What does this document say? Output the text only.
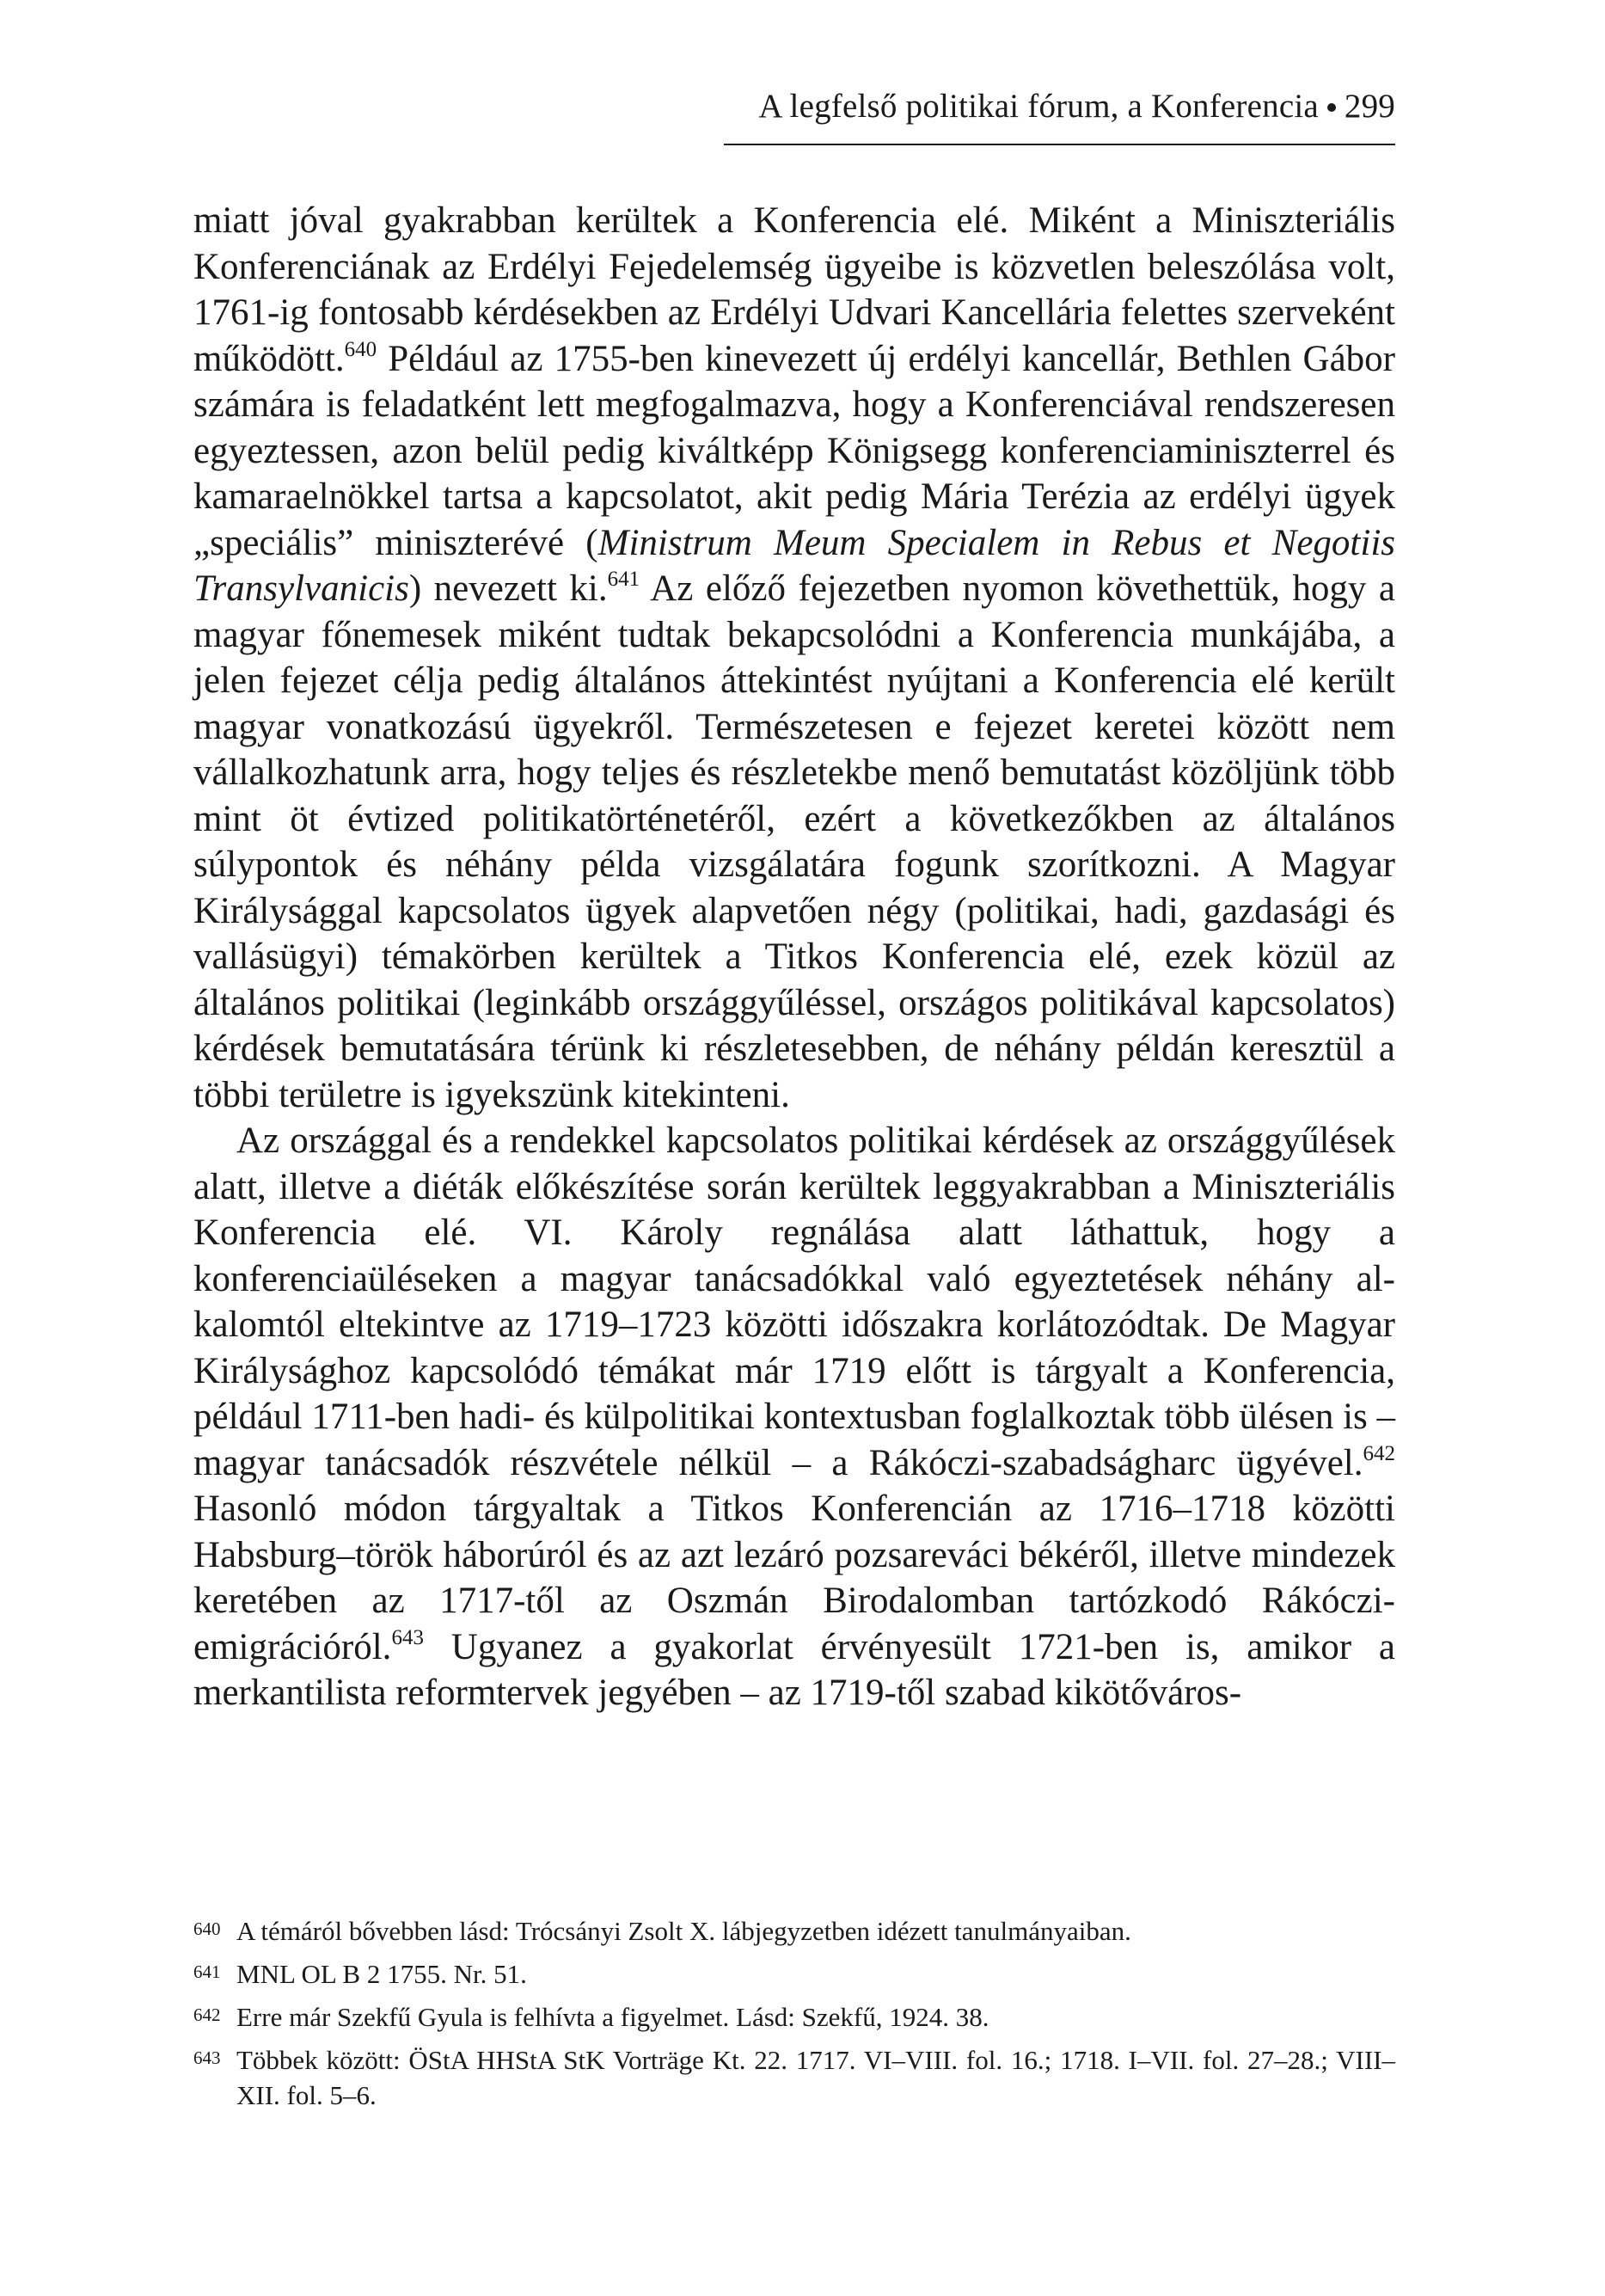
A legfelső politikai fórum, a Konferencia 299

miatt jóval gyakrabban kerültek a Konferencia elé. Miként a Miniszteriális Konferenciának az Erdélyi Fejedelemség ügyeibe is közvetlen beleszólása volt, 1761-ig fontosabb kérdésekben az Erdélyi Udvari Kancellária felettes szerveként működött.$^{640}$ Például az 1755-ben kinevezett új erdélyi kancellár, Bethlen Gábor számára is feladatként lett megfogalmazva, hogy a Konferenciával rendszeresen egyeztessen, azon belül pedig kiváltképp Königsegg konferenciaminiszterrel és kamaraelnökkel tartsa a kapcsolatot, akit pedig Mária Terézia az erdélyi ügyek „speciális” miniszterévé (Ministrum Meum Specialem in Rebus et Negotiis Transylvanicis) nevezett ki.$^{641}$ Az előző fejezetben nyomon követhettük, hogy a magyar főnemesek miként tudtak bekapcsolódni a Konferencia munkájába, a jelen fejezet célja pedig általános áttekintést nyújtani a Konferencia elé került magyar vonatkozású ügyekről. Természetesen e fejezet keretei között nem vállalkozhatunk arra, hogy teljes és részletekbe menő bemutatást közöljünk több mint öt évtized politikatörténetéről, ezért a következőkben az általános súlypontok és néhány példa vizsgálatára fogunk szorítkozni. A Magyar Királysággal kapcsolatos ügyek alapvetően négy (politikai, hadi, gazdasági és vallásügyi) témakörben kerültek a Titkos Konferencia elé, ezek közül az általános politikai (leginkább országgyűléssel, országos politikával kapcsolatos) kérdések bemutatására térünk ki részletesebben, de néhány példán keresztül a többi területre is igyekszünk kitekinteni.

Az országgal és a rendekkel kapcsolatos politikai kérdések az országgyűlések alatt, illetve a diéták előkészítése során kerültek leggyakrabban a Miniszteriális Konferencia elé. VI. Károly regnálása alatt láthattuk, hogy a konferenciaüléseken a magyar tanácsadókkal való egyeztetések néhány alkalomtól eltekintve az 1719–1723 közötti időszakra korlátozódtak. De Magyar Királysághoz kapcsolódó témákat már 1719 előtt is tárgyalt a Konferencia, például 1711-ben hadi- és külpolitikai kontextusban foglalkoztak több ülésen is – magyar tanácsadók részvétele nélkül – a Rákóczi-szabadságharc ügyével.$^{642}$ Hasonló módon tárgyaltak a Titkos Konferencián az 1716–1718 közötti Habsburg–török háborúról és az azt lezáró pozsareváci békéről, illetve mindezek keretében az 1717-től az Oszmán Birodalomban tartózkodó Rákóczi-emigrációról.$^{643}$ Ugyanez a gyakorlat érvényesült 1721-ben is, amikor a merkantilista reformtervek jegyében – az 1719-től szabad kikötőváros-

640 A témáról bővebben lásd: Trócsányi Zsolt X. lábjegyzetben idézett tanulmányaiban.
641 MNL OL B 2 1755. Nr. 51.
642 Erre már Szekfű Gyula is felhívta a figyelmet. Lásd: Szekfű, 1924. 38.
643 Többek között: ÖStA HHStA StK Vorträge Kt. 22. 1717. VI–VIII. fol. 16.; 1718. I–VII. fol. 27–28.; VIII–XII. fol. 5–6.
